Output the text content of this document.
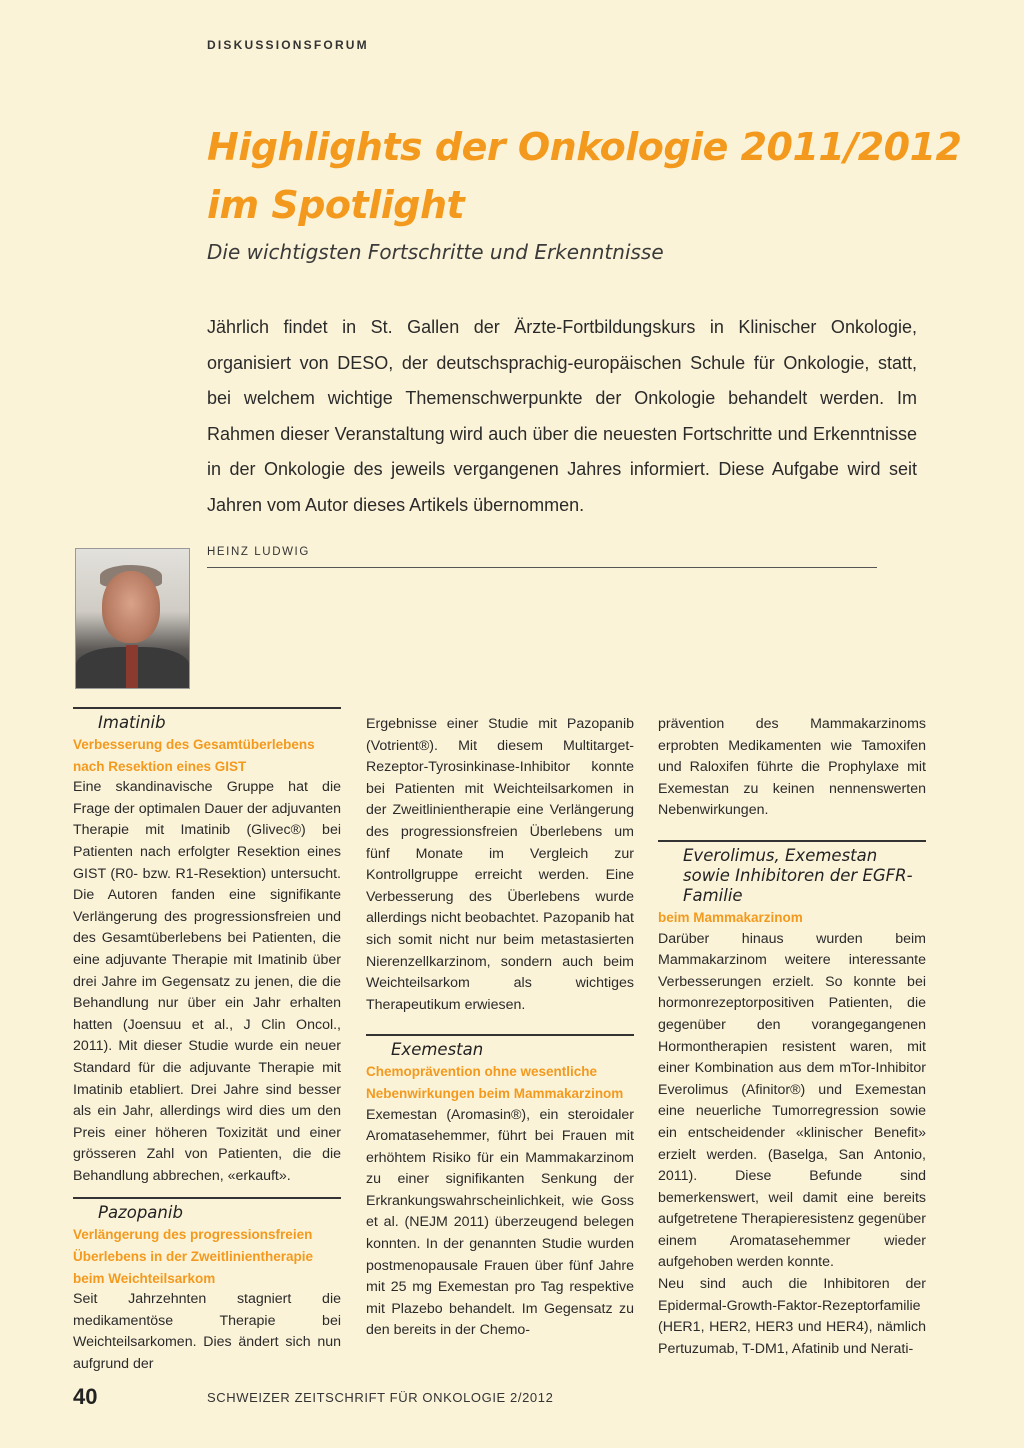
DISKUSSIONSFORUM
Highlights der Onkologie 2011/2012
im Spotlight

Die wichtigsten Fortschritte und Erkenntnisse

Jährlich findet in St. Gallen der Ärzte-Fortbildungskurs in Klinischer Onkologie, organisiert von DESO, der deutschsprachig-europäischen Schule für Onkologie, statt, bei welchem wichtige Themenschwerpunkte der Onkologie behandelt werden. Im Rahmen dieser Veranstaltung wird auch über die neuesten Fortschritte und Erkenntnisse in der Onkologie des jeweils vergangenen Jahres informiert. Diese Aufgabe wird seit Jahren vom Autor dieses Artikels übernommen.

HEINZ LUDWIG
Imatinib

Verbesserung des Gesamtüberlebens nach Resektion eines GIST

Eine skandinavische Gruppe hat die Frage der optimalen Dauer der adjuvanten Therapie mit Imatinib (Glivec®) bei Patienten nach erfolgter Resektion eines GIST (R0- bzw. R1-Resektion) untersucht. Die Autoren fanden eine signifikante Verlängerung des progressionsfreien und des Gesamtüberlebens bei Patienten, die eine adjuvante Therapie mit Imatinib über drei Jahre im Gegensatz zu jenen, die die Behandlung nur über ein Jahr erhalten hatten (Joensuu et al., J Clin Oncol., 2011). Mit dieser Studie wurde ein neuer Standard für die adjuvante Therapie mit Imatinib etabliert. Drei Jahre sind besser als ein Jahr, allerdings wird dies um den Preis einer höheren Toxizität und einer grösseren Zahl von Patienten, die die Behandlung abbrechen, «erkauft».

Pazopanib

Verlängerung des progressionsfreien Überlebens in der Zweitlinientherapie beim Weichteilsarkom

Seit Jahrzehnten stagniert die medikamentöse Therapie bei Weichteilsarkomen. Dies ändert sich nun aufgrund der

Ergebnisse einer Studie mit Pazopanib (Votrient®). Mit diesem Multitarget-Rezeptor-Tyrosinkinase-Inhibitor konnte bei Patienten mit Weichteilsarkomen in der Zweitlinientherapie eine Verlängerung des progressionsfreien Überlebens um fünf Monate im Vergleich zur Kontrollgruppe erreicht werden. Eine Verbesserung des Überlebens wurde allerdings nicht beobachtet. Pazopanib hat sich somit nicht nur beim metastasierten Nierenzellkarzinom, sondern auch beim Weichteilsarkom als wichtiges Therapeutikum erwiesen.

Exemestan

Chemoprävention ohne wesentliche Nebenwirkungen beim Mammakarzinom

Exemestan (Aromasin®), ein steroidaler Aromatasehemmer, führt bei Frauen mit erhöhtem Risiko für ein Mammakarzinom zu einer signifikanten Senkung der Erkrankungswahrscheinlichkeit, wie Goss et al. (NEJM 2011) überzeugend belegen konnten. In der genannten Studie wurden postmenopausale Frauen über fünf Jahre mit 25 mg Exemestan pro Tag respektive mit Plazebo behandelt. Im Gegensatz zu den bereits in der Chemo-

prävention des Mammakarzinoms erprobten Medikamenten wie Tamoxifen und Raloxifen führte die Prophylaxe mit Exemestan zu keinen nennenswerten Nebenwirkungen.

Everolimus, Exemestan sowie Inhibitoren der EGFR-Familie

beim Mammakarzinom

Darüber hinaus wurden beim Mammakarzinom weitere interessante Verbesserungen erzielt. So konnte bei hormonrezeptorpositiven Patienten, die gegenüber den vorangegangenen Hormontherapien resistent waren, mit einer Kombination aus dem mTor-Inhibitor Everolimus (Afinitor®) und Exemestan eine neuerliche Tumorregression sowie ein entscheidender «klinischer Benefit» erzielt werden. (Baselga, San Antonio, 2011). Diese Befunde sind bemerkenswert, weil damit eine bereits aufgetretene Therapieresistenz gegenüber einem Aromatasehemmer wieder aufgehoben werden konnte.

Neu sind auch die Inhibitoren der Epidermal-Growth-Faktor-Rezeptorfamilie (HER1, HER2, HER3 und HER4), nämlich Pertuzumab, T-DM1, Afatinib und Nerati-

40	SCHWEIZER ZEITSCHRIFT FÜR ONKOLOGIE 2/2012
